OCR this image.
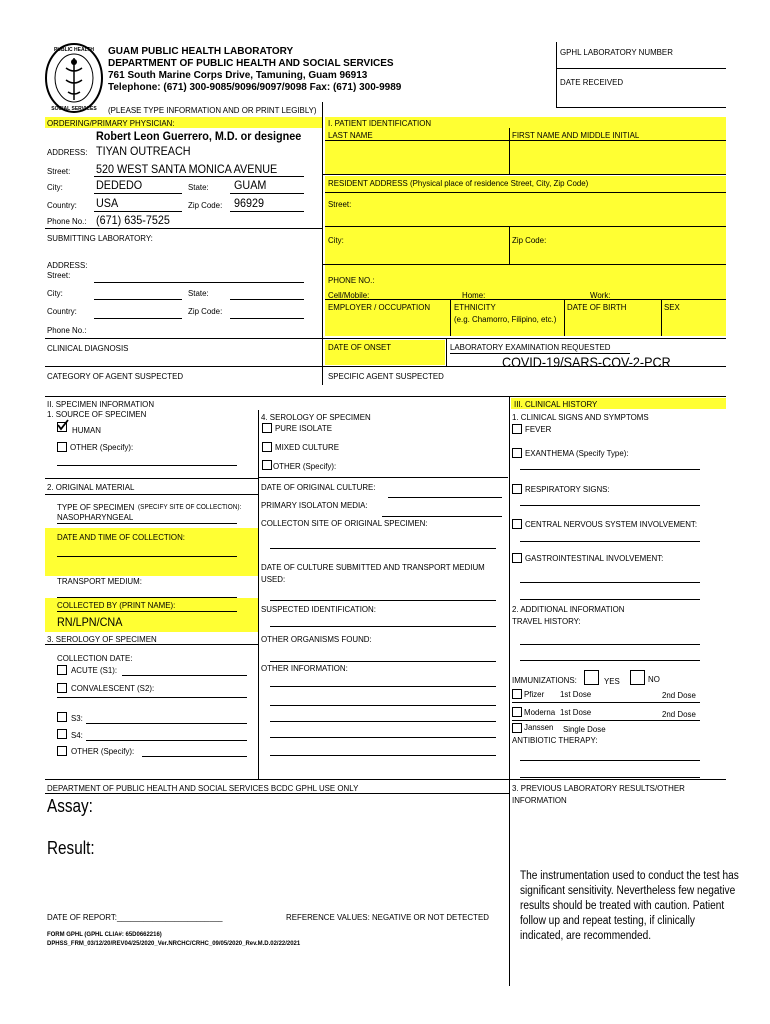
PUBLIC HEALTH
SOCIAL SERVICES
GUAM PUBLIC HEALTH LABORATORY
DEPARTMENT OF PUBLIC HEALTH AND SOCIAL SERVICES
761 South Marine Corps Drive, Tamuning, Guam 96913
Telephone: (671) 300-9085/9096/9097/9098 Fax: (671) 300-9989
GPHL LABORATORY NUMBER
DATE RECEIVED
(PLEASE TYPE INFORMATION AND OR PRINT LEGIBLY)
ORDERING/PRIMARY PHYSICIAN:
Robert Leon Guerrero, M.D. or designee
ADDRESS: TIYAN OUTREACH
Street: 520 WEST SANTA MONICA AVENUE
City:	DEDEDO	State: GUAM
Country: USA	Zip Code: 96929
Phone No.: (671) 635-7525
SUBMITTING LABORATORY:
ADDRESS:
Street:
City:	State:
Country:	Zip Code:
Phone No.:
CLINICAL DIAGNOSIS
CATEGORY OF AGENT SUSPECTED
I. PATIENT IDENTIFICATION
LAST NAME	FIRST NAME AND MIDDLE INITIAL
RESIDENT ADDRESS (Physical place of residence Street, City, Zip Code)
Street:
City:	Zip Code:
PHONE NO.:
Cell/Mobile:	Home:	Work:
EMPLOYER / OCCUPATION	ETHNICITY
(e.g. Chamorro, Filipino, etc.)
DATE OF BIRTH	SEX
DATE OF ONSET	LABORATORY EXAMINATION REQUESTED
COVID-19/SARS-COV-2-PCR
SPECIFIC AGENT SUSPECTED
II. SPECIMEN INFORMATION
1. SOURCE OF SPECIMEN
HUMAN
OTHER (Specify):
2. ORIGINAL MATERIAL
TYPE OF SPECIMEN (SPECIFY SITE OF COLLECTION):
NASOPHARYNGEAL
DATE AND TIME OF COLLECTION:
TRANSPORT MEDIUM:
COLLECTED BY (PRINT NAME):
RN/LPN/CNA
3. SEROLOGY OF SPECIMEN
COLLECTION DATE:
ACUTE (S1):
CONVALESCENT (S2):
S3:
S4:
OTHER (Specify):
4. SEROLOGY OF SPECIMEN
PURE ISOLATE
MIXED CULTURE
OTHER (Specify):
DATE OF ORIGINAL CULTURE:
PRIMARY ISOLATON MEDIA:
COLLECTON SITE OF ORIGINAL SPECIMEN:
DATE OF CULTURE SUBMITTED AND TRANSPORT MEDIUM
USED:
SUSPECTED IDENTIFICATION:
OTHER ORGANISMS FOUND:
OTHER INFORMATION:
III. CLINICAL HISTORY
1. CLINICAL SIGNS AND SYMPTOMS
FEVER
EXANTHEMA (Specify Type):
RESPIRATORY SIGNS:
CENTRAL NERVOUS SYSTEM INVOLVEMENT:
GASTROINTESTINAL INVOLVEMENT:
2. ADDITIONAL INFORMATION
TRAVEL HISTORY:
IMMUNIZATIONS:	YES	NO
Pfizer 1st Dose	2nd Dose
Moderna 1st Dose	2nd Dose
Janssen Single Dose
ANTIBIOTIC THERAPY:
DEPARTMENT OF PUBLIC HEALTH AND SOCIAL SERVICES BCDC GPHL USE ONLY	3. PREVIOUS LABORATORY RESULTS/OTHER
INFORMATION
Assay:
Result:
DATE OF REPORT:________________________	REFERENCE VALUES: NEGATIVE OR NOT DETECTED
FORM GPHL (GPHL CLIA#: 65D0662216)
DPHSS_FRM_03/12/20/REV04/25/2020_Ver.NRCHC/CRHC_09/05/2020_Rev.M.D.02/22/2021
The instrumentation used to conduct the test has significant sensitivity. Nevertheless few negative results should be treated with caution. Patient follow up and repeat testing, if clinically indicated, are recommended.
